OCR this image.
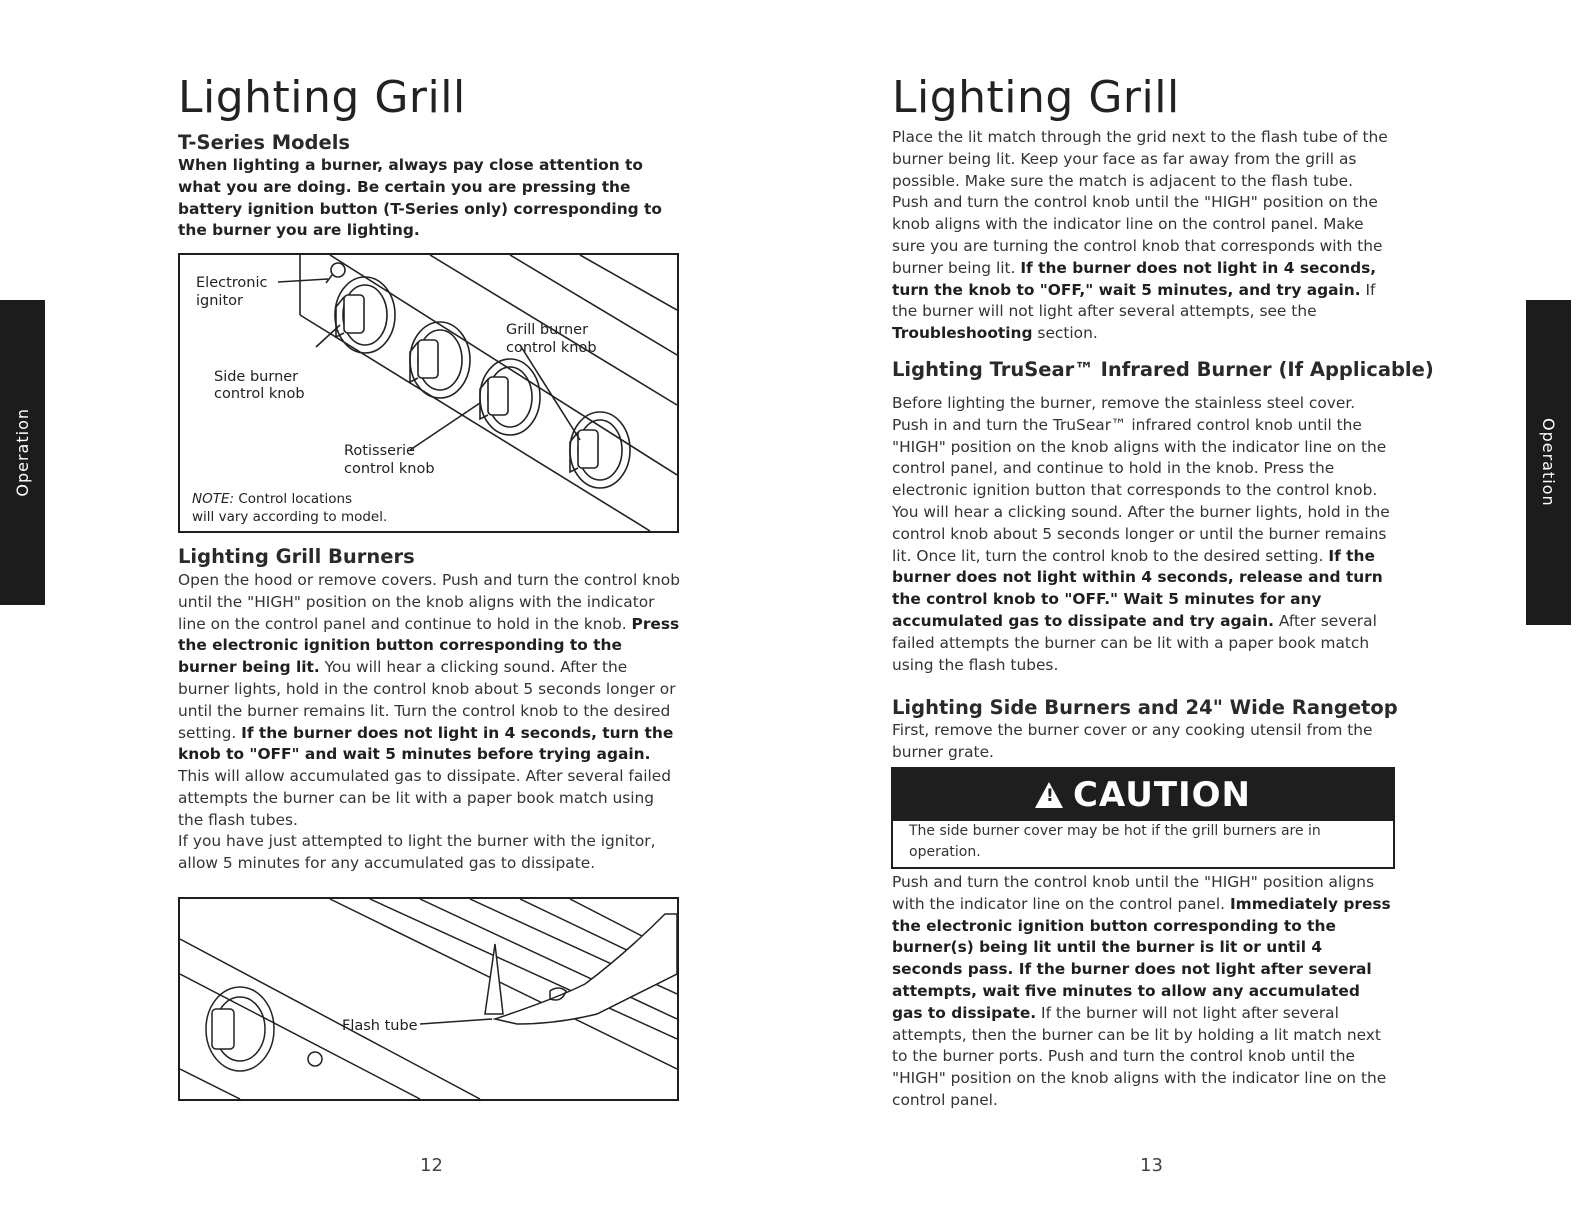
Lighting Grill
T-Series Models

When lighting a burner, always pay close attention to what you are doing. Be certain you are pressing the battery ignition button (T-Series only) corresponding to the burner you are lighting.

Electronic
ignitor
Side burner
control knob
Grill burner
control knob
Rotisserie
control knob
NOTE: Control locations
will vary according to model.
Lighting Grill Burners

Open the hood or remove covers. Push and turn the control knob until the "HIGH" position on the knob aligns with the indicator line on the control panel and continue to hold in the knob. Press the electronic ignition button corresponding to the burner being lit. You will hear a clicking sound. After the burner lights, hold in the control knob about 5 seconds longer or until the burner remains lit. Turn the control knob to the desired setting. If the burner does not light in 4 seconds, turn the knob to "OFF" and wait 5 minutes before trying again. This will allow accumulated gas to dissipate. After several failed attempts the burner can be lit with a paper book match using the flash tubes.

If you have just attempted to light the burner with the ignitor, allow 5 minutes for any accumulated gas to dissipate.

Flash tube
Operation
12
Lighting Grill

Place the lit match through the grid next to the flash tube of the burner being lit. Keep your face as far away from the grill as possible. Make sure the match is adjacent to the flash tube. Push and turn the control knob until the "HIGH" position on the knob aligns with the indicator line on the control panel. Make sure you are turning the control knob that corresponds with the burner being lit. If the burner does not light in 4 seconds, turn the knob to "OFF," wait 5 minutes, and try again. If the burner will not light after several attempts, see the Troubleshooting section.

Lighting TruSear™ Infrared Burner (If Applicable)

Before lighting the burner, remove the stainless steel cover. Push in and turn the TruSear™ infrared control knob until the "HIGH" position on the knob aligns with the indicator line on the control panel, and continue to hold in the knob. Press the electronic ignition button that corresponds to the control knob. You will hear a clicking sound. After the burner lights, hold in the control knob about 5 seconds longer or until the burner remains lit. Once lit, turn the control knob to the desired setting. If the burner does not light within 4 seconds, release and turn the control knob to "OFF." Wait 5 minutes for any accumulated gas to dissipate and try again. After several failed attempts the burner can be lit with a paper book match using the flash tubes.

Lighting Side Burners and 24" Wide Rangetop

First, remove the burner cover or any cooking utensil from the burner grate.

!
CAUTION
The side burner cover may be hot if the grill burners are in operation.

Push and turn the control knob until the "HIGH" position aligns with the indicator line on the control panel. Immediately press the electronic ignition button corresponding to the burner(s) being lit until the burner is lit or until 4 seconds pass. If the burner does not light after several attempts, wait five minutes to allow any accumulated gas to dissipate. If the burner will not light after several attempts, then the burner can be lit by holding a lit match next to the burner ports. Push and turn the control knob until the "HIGH" position on the knob aligns with the indicator line on the control panel.

Operation
13
